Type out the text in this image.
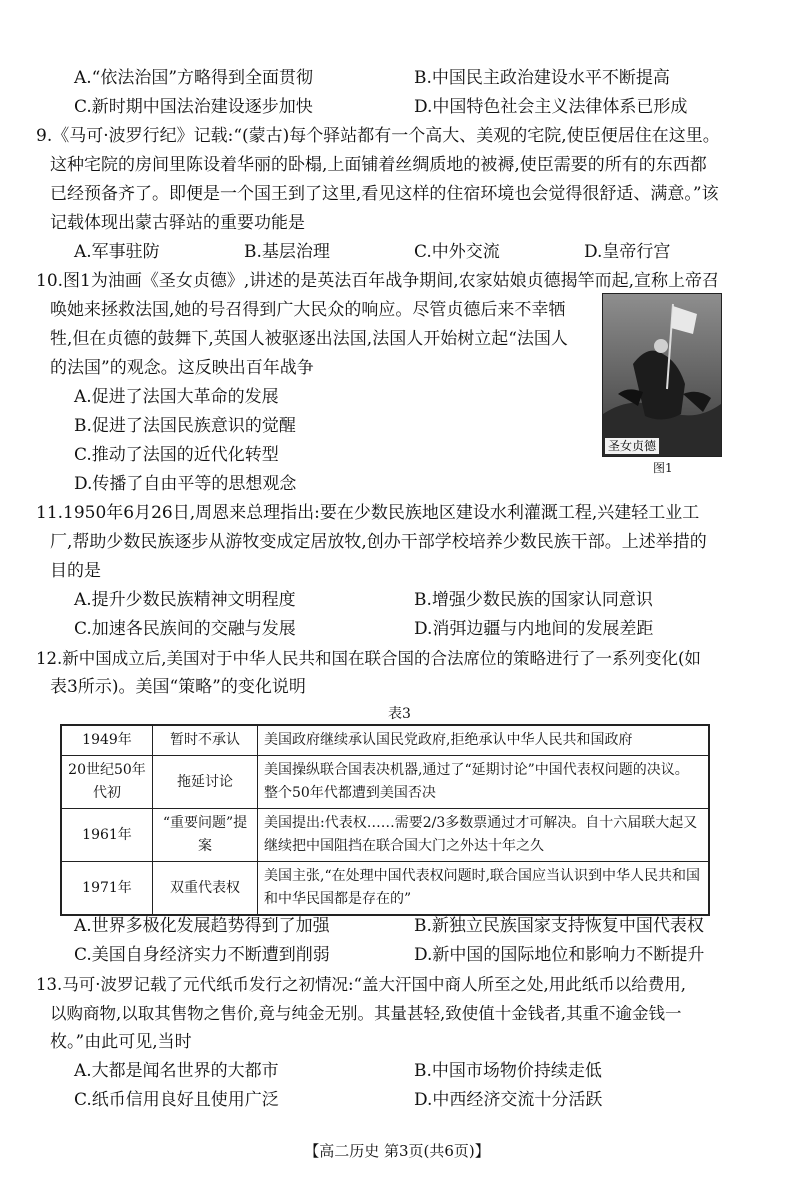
A.“依法治国”方略得到全面贯彻	B.中国民主政治建设水平不断提高
C.新时期中国法治建设逐步加快	D.中国特色社会主义法律体系已形成
9.《马可·波罗行纪》记载:“(蒙古)每个驿站都有一个高大、美观的宅院,使臣便居住在这里。
这种宅院的房间里陈设着华丽的卧榻,上面铺着丝绸质地的被褥,使臣需要的所有的东西都
已经预备齐了。即便是一个国王到了这里,看见这样的住宿环境也会觉得很舒适、满意。”该
记载体现出蒙古驿站的重要功能是
A.军事驻防	B.基层治理	C.中外交流	D.皇帝行宫
10.图1为油画《圣女贞德》,讲述的是英法百年战争期间,农家姑娘贞德揭竿而起,宣称上帝召
唤她来拯救法国,她的号召得到广大民众的响应。尽管贞德后来不幸牺
牲,但在贞德的鼓舞下,英国人被驱逐出法国,法国人开始树立起“法国人
的法国”的观念。这反映出百年战争
A.促进了法国大革命的发展
B.促进了法国民族意识的觉醒
C.推动了法国的近代化转型
D.传播了自由平等的思想观念
圣女贞德
图1
11.1950年6月26日,周恩来总理指出:要在少数民族地区建设水利灌溉工程,兴建轻工业工
厂,帮助少数民族逐步从游牧变成定居放牧,创办干部学校培养少数民族干部。上述举措的
目的是
A.提升少数民族精神文明程度	B.增强少数民族的国家认同意识
C.加速各民族间的交融与发展	D.消弭边疆与内地间的发展差距
12.新中国成立后,美国对于中华人民共和国在联合国的合法席位的策略进行了一系列变化(如
表3所示)。美国“策略”的变化说明
表3
1949年	暂时不承认	美国政府继续承认国民党政府,拒绝承认中华人民共和国政府
20世纪50年代初	拖延讨论	美国操纵联合国表决机器,通过了“延期讨论”中国代表权问题的决议。整个50年代都遭到美国否决
1961年	“重要问题”提案	美国提出:代表权……需要2/3多数票通过才可解决。自十六届联大起又继续把中国阻挡在联合国大门之外达十年之久
1971年	双重代表权	美国主张,“在处理中国代表权问题时,联合国应当认识到中华人民共和国和中华民国都是存在的”
A.世界多极化发展趋势得到了加强	B.新独立民族国家支持恢复中国代表权
C.美国自身经济实力不断遭到削弱	D.新中国的国际地位和影响力不断提升
13.马可·波罗记载了元代纸币发行之初情况:“盖大汗国中商人所至之处,用此纸币以给费用,
以购商物,以取其售物之售价,竟与纯金无别。其量甚轻,致使值十金钱者,其重不逾金钱一
枚。”由此可见,当时
A.大都是闻名世界的大都市	B.中国市场物价持续走低
C.纸币信用良好且使用广泛	D.中西经济交流十分活跃
【高二历史 第3页(共6页)】
